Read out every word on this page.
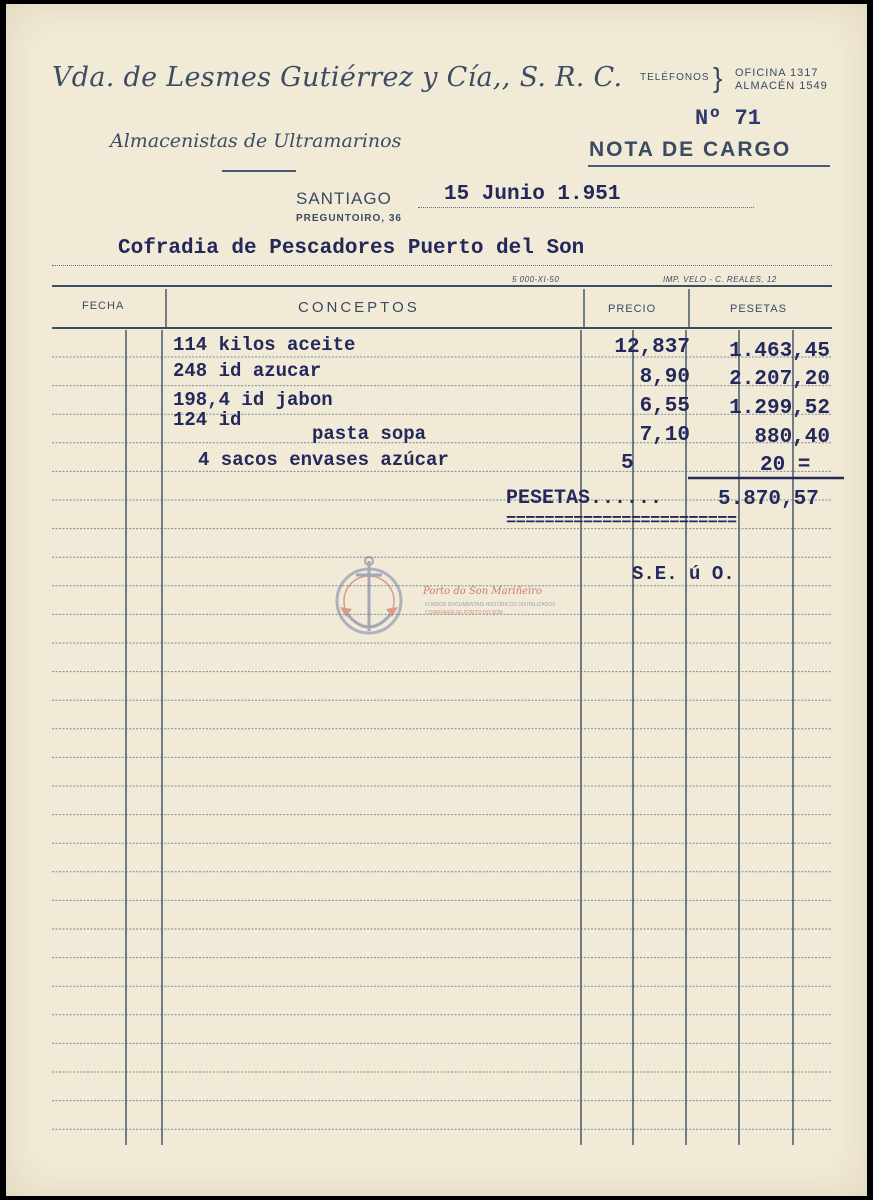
Vda. de Lesmes Gutiérrez y Cía,, S. R. C.
Almacenistas de Ultramarinos
TELÉFONOS } OFICINA 1317
ALMACÉN 1549
Nº 71
NOTA DE CARGO
SANTIAGO 15 Junio 1.951
PREGUNTOIRO, 36
Cofradia de Pescadores Puerto del Son
5 000-XI-50	IMP. VELO - C. REALES, 12
FECHA	CONCEPTOS	PRECIO	PESETAS
114 kilos aceite	12,837 1.463,45
248 id azucar	8,90 2.207,20
198,4 id jabon	6,55 1.299,52
124 id
pasta sopa	7,10	880,40
4 sacos envases azúcar	5	20 =
PESETAS......	5.870,57
========================
S.E. ú O.
Porto do Son Mariñeiro
FONDOS DOCUMENTAIS HISTÓRICOS DIXITALIZADOS
CONFRARÍA DE PORTO DO SON
